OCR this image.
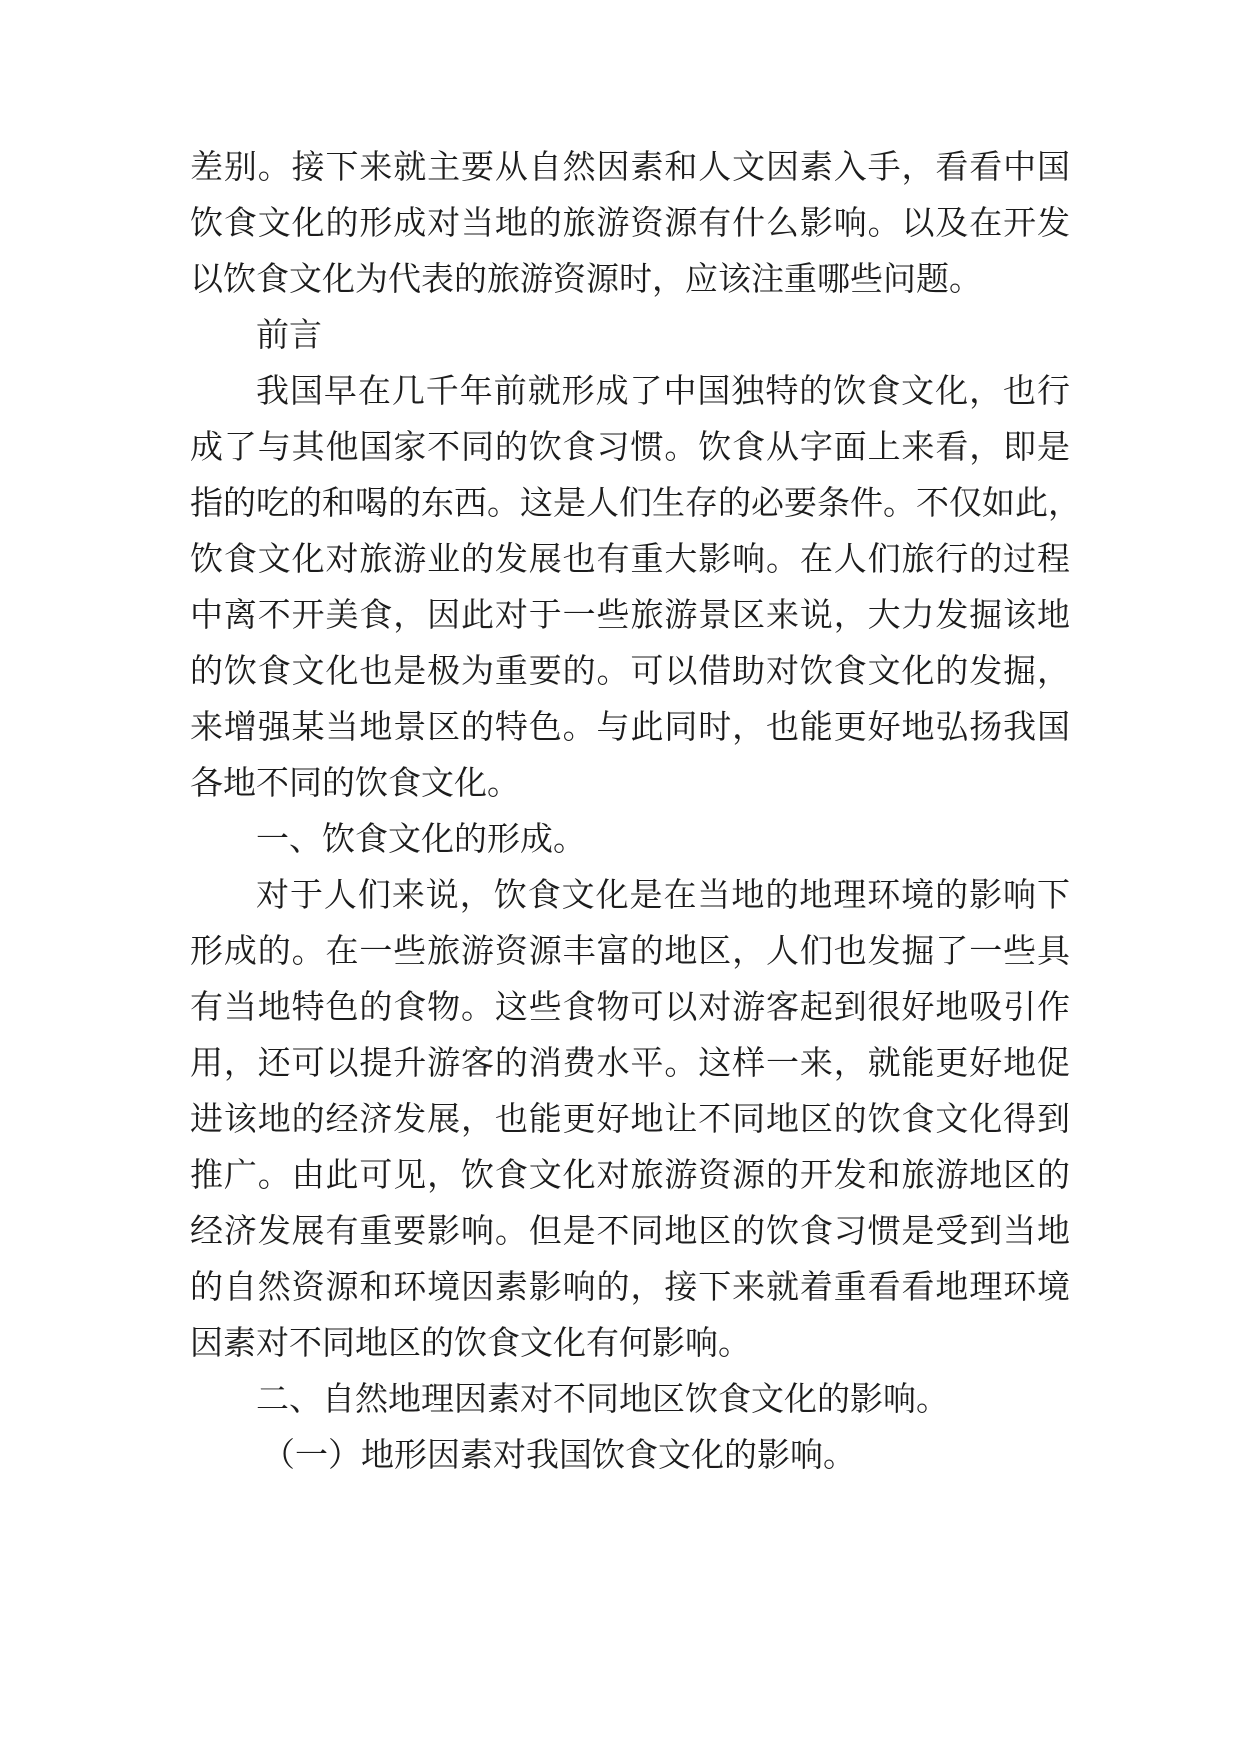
差别。接下来就主要从自然因素和人文因素入手，看看中国
饮食文化的形成对当地的旅游资源有什么影响。以及在开发
以饮食文化为代表的旅游资源时，应该注重哪些问题。
前言
我国早在几千年前就形成了中国独特的饮食文化，也行
成了与其他国家不同的饮食习惯。饮食从字面上来看，即是
指的吃的和喝的东西。这是人们生存的必要条件。不仅如此，
饮食文化对旅游业的发展也有重大影响。在人们旅行的过程
中离不开美食，因此对于一些旅游景区来说，大力发掘该地
的饮食文化也是极为重要的。可以借助对饮食文化的发掘，
来增强某当地景区的特色。与此同时，也能更好地弘扬我国
各地不同的饮食文化。
一、饮食文化的形成。
对于人们来说，饮食文化是在当地的地理环境的影响下
形成的。在一些旅游资源丰富的地区，人们也发掘了一些具
有当地特色的食物。这些食物可以对游客起到很好地吸引作
用，还可以提升游客的消费水平。这样一来，就能更好地促
进该地的经济发展，也能更好地让不同地区的饮食文化得到
推广。由此可见，饮食文化对旅游资源的开发和旅游地区的
经济发展有重要影响。但是不同地区的饮食习惯是受到当地
的自然资源和环境因素影响的，接下来就着重看看地理环境
因素对不同地区的饮食文化有何影响。
二、自然地理因素对不同地区饮食文化的影响。
（一）地形因素对我国饮食文化的影响。
